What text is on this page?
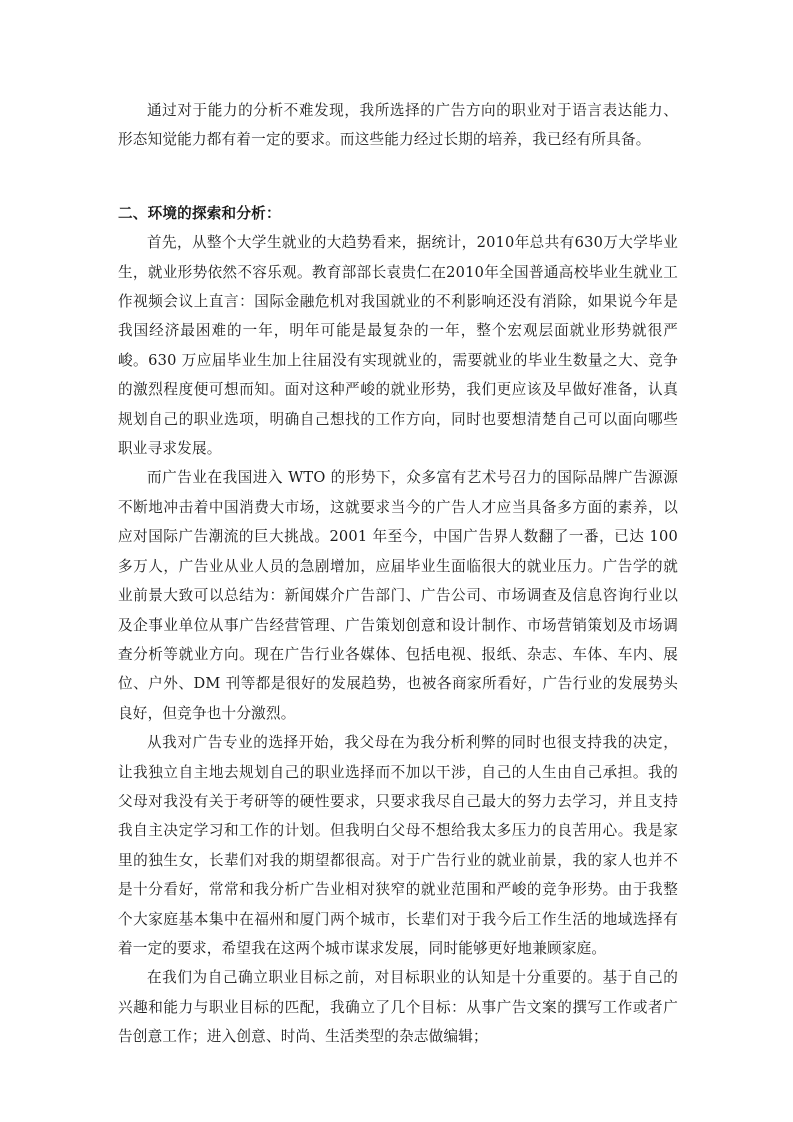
通过对于能力的分析不难发现，我所选择的广告方向的职业对于语言表达能力、形态知觉能力都有着一定的要求。而这些能力经过长期的培养，我已经有所具备。

二、环境的探索和分析：

首先，从整个大学生就业的大趋势看来，据统计，2010年总共有630万大学毕业生，就业形势依然不容乐观。教育部部长袁贵仁在2010年全国普通高校毕业生就业工作视频会议上直言：国际金融危机对我国就业的不利影响还没有消除，如果说今年是我国经济最困难的一年，明年可能是最复杂的一年，整个宏观层面就业形势就很严峻。630 万应届毕业生加上往届没有实现就业的，需要就业的毕业生数量之大、竞争的激烈程度便可想而知。面对这种严峻的就业形势，我们更应该及早做好准备，认真规划自己的职业选项，明确自己想找的工作方向，同时也要想清楚自己可以面向哪些职业寻求发展。

而广告业在我国进入 WTO 的形势下，众多富有艺术号召力的国际品牌广告源源不断地冲击着中国消费大市场，这就要求当今的广告人才应当具备多方面的素养，以应对国际广告潮流的巨大挑战。2001 年至今，中国广告界人数翻了一番，已达 100 多万人，广告业从业人员的急剧增加，应届毕业生面临很大的就业压力。广告学的就业前景大致可以总结为：新闻媒介广告部门、广告公司、市场调查及信息咨询行业以及企事业单位从事广告经营管理、广告策划创意和设计制作、市场营销策划及市场调查分析等就业方向。现在广告行业各媒体、包括电视、报纸、杂志、车体、车内、展位、户外、DM 刊等都是很好的发展趋势，也被各商家所看好，广告行业的发展势头良好，但竞争也十分激烈。

从我对广告专业的选择开始，我父母在为我分析利弊的同时也很支持我的决定，让我独立自主地去规划自己的职业选择而不加以干涉，自己的人生由自己承担。我的父母对我没有关于考研等的硬性要求，只要求我尽自己最大的努力去学习，并且支持我自主决定学习和工作的计划。但我明白父母不想给我太多压力的良苦用心。我是家里的独生女，长辈们对我的期望都很高。对于广告行业的就业前景，我的家人也并不是十分看好，常常和我分析广告业相对狭窄的就业范围和严峻的竞争形势。由于我整个大家庭基本集中在福州和厦门两个城市，长辈们对于我今后工作生活的地域选择有着一定的要求，希望我在这两个城市谋求发展，同时能够更好地兼顾家庭。

在我们为自己确立职业目标之前，对目标职业的认知是十分重要的。基于自己的兴趣和能力与职业目标的匹配，我确立了几个目标：从事广告文案的撰写工作或者广告创意工作；进入创意、时尚、生活类型的杂志做编辑；
